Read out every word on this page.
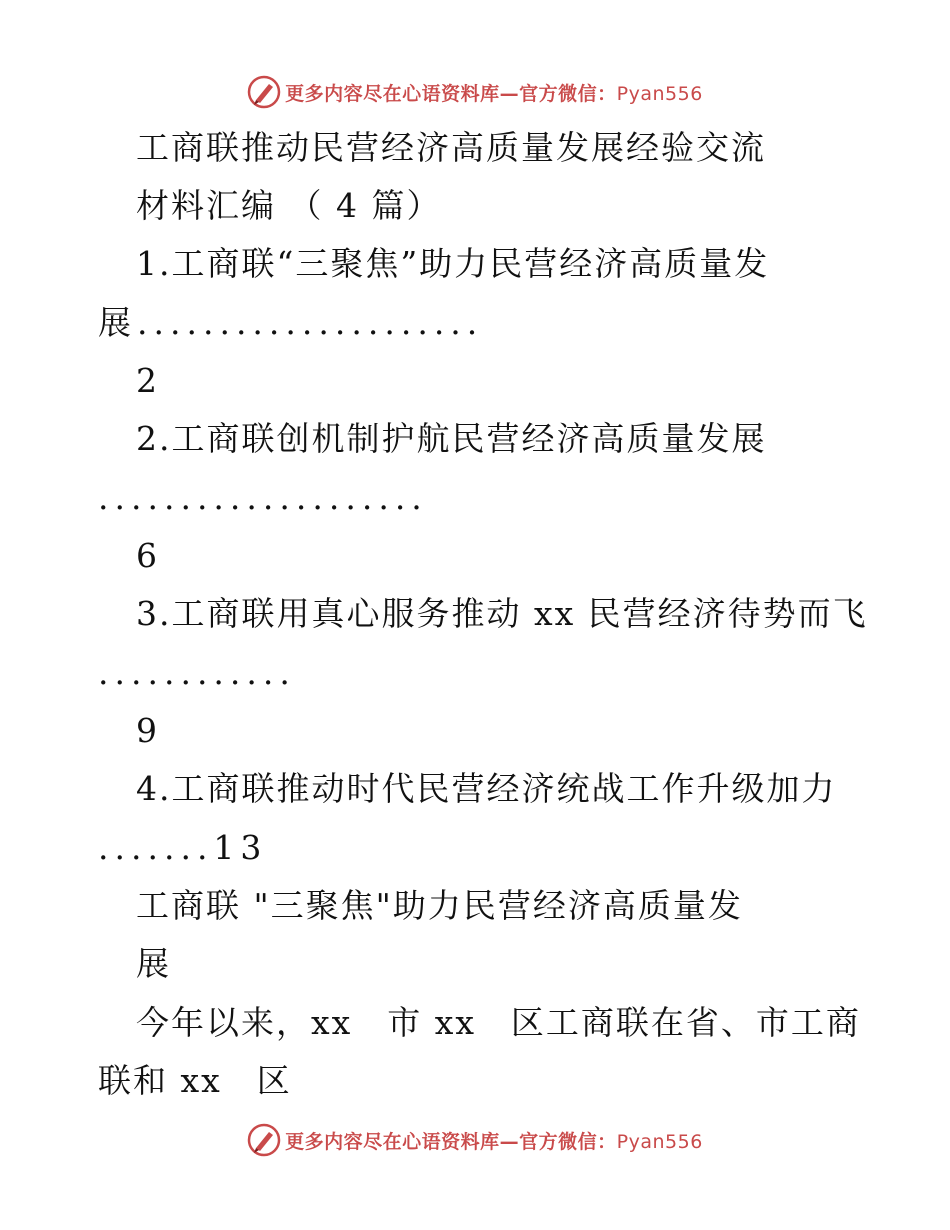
更多内容尽在心语资料库—官方微信：Pyan556
工商联推动民营经济高质量发展经验交流
材料汇编 （ 4 篇）
1.工商联“三聚焦”助力民营经济高质量发
展.....................
2
2.工商联创机制护航民营经济高质量发展
....................
6
3.工商联用真心服务推动 xx 民营经济待势而飞
............
9
4.工商联推动时代民营经济统战工作升级加力
.......13
工商联 "三聚焦"助力民营经济高质量发
展
今年以来，xx　市 xx　区工商联在省、市工商
联和 xx　区
更多内容尽在心语资料库—官方微信：Pyan556
